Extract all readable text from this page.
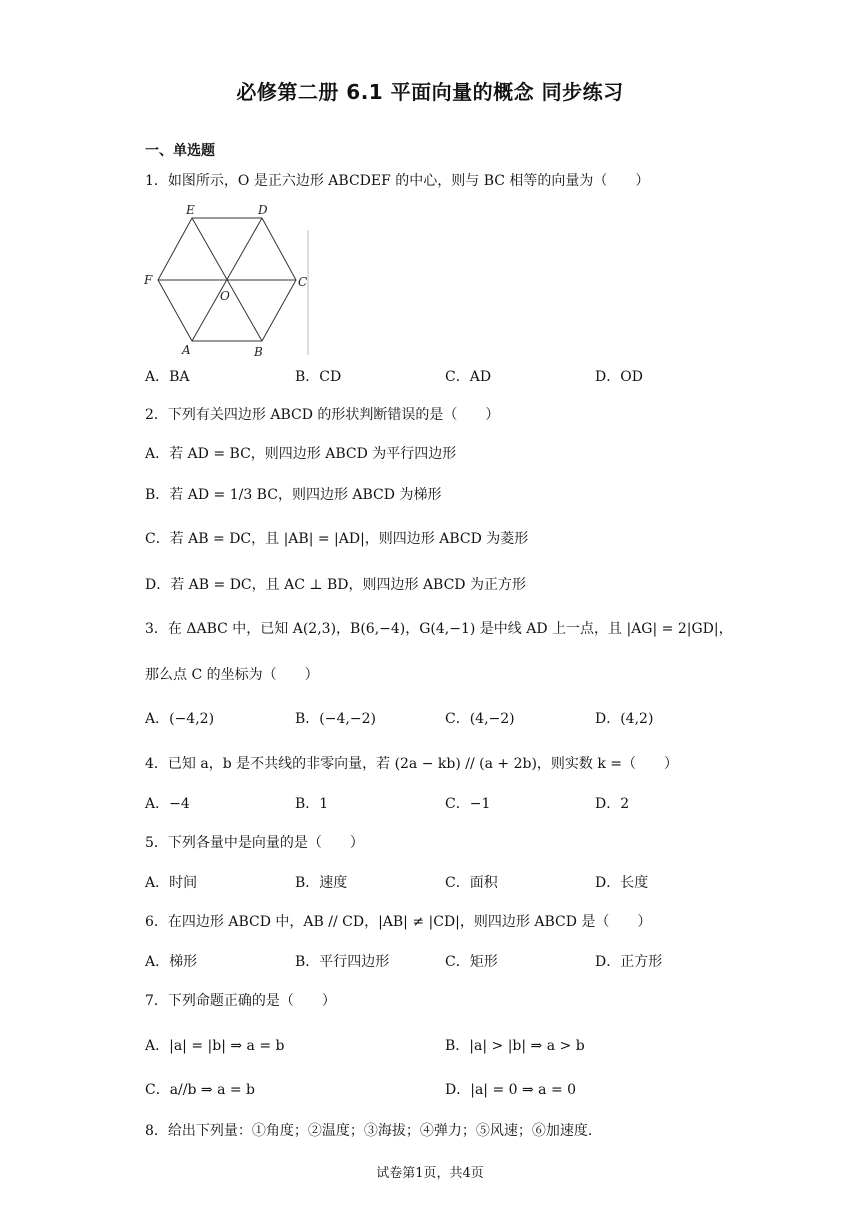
必修第二册 6.1 平面向量的概念 同步练习
一、单选题
1．如图所示，O 是正六边形 ABCDEF 的中心，则与 BC 相等的向量为（　　）
E	D
F	C
O
A	B
A．BA	B．CD	C．AD	D．OD
2．下列有关四边形 ABCD 的形状判断错误的是（　　）
A．若 AD = BC，则四边形 ABCD 为平行四边形
B．若 AD = 1/3 BC，则四边形 ABCD 为梯形
C．若 AB = DC，且 |AB| = |AD|，则四边形 ABCD 为菱形
D．若 AB = DC，且 AC ⊥ BD，则四边形 ABCD 为正方形
3．在 ΔABC 中，已知 A(2,3)，B(6,−4)，G(4,−1) 是中线 AD 上一点，且 |AG| = 2|GD|，
那么点 C 的坐标为（　　）
A．(−4,2)	B．(−4,−2)	C．(4,−2)	D．(4,2)
4．已知 a，b 是不共线的非零向量，若 (2a − kb) // (a + 2b)，则实数 k =（　　）
A．−4	B．1	C．−1	D．2
5．下列各量中是向量的是（　　）
A．时间	B．速度	C．面积	D．长度
6．在四边形 ABCD 中，AB // CD，|AB| ≠ |CD|，则四边形 ABCD 是（　　）
A．梯形	B．平行四边形	C．矩形	D．正方形
7．下列命题正确的是（　　）
A．|a| = |b| ⇒ a = b	B．|a| > |b| ⇒ a > b
C．a//b ⇒ a = b	D．|a| = 0 ⇒ a = 0
8．给出下列量：①角度；②温度；③海拔；④弹力；⑤风速；⑥加速度.
试卷第1页，共4页
